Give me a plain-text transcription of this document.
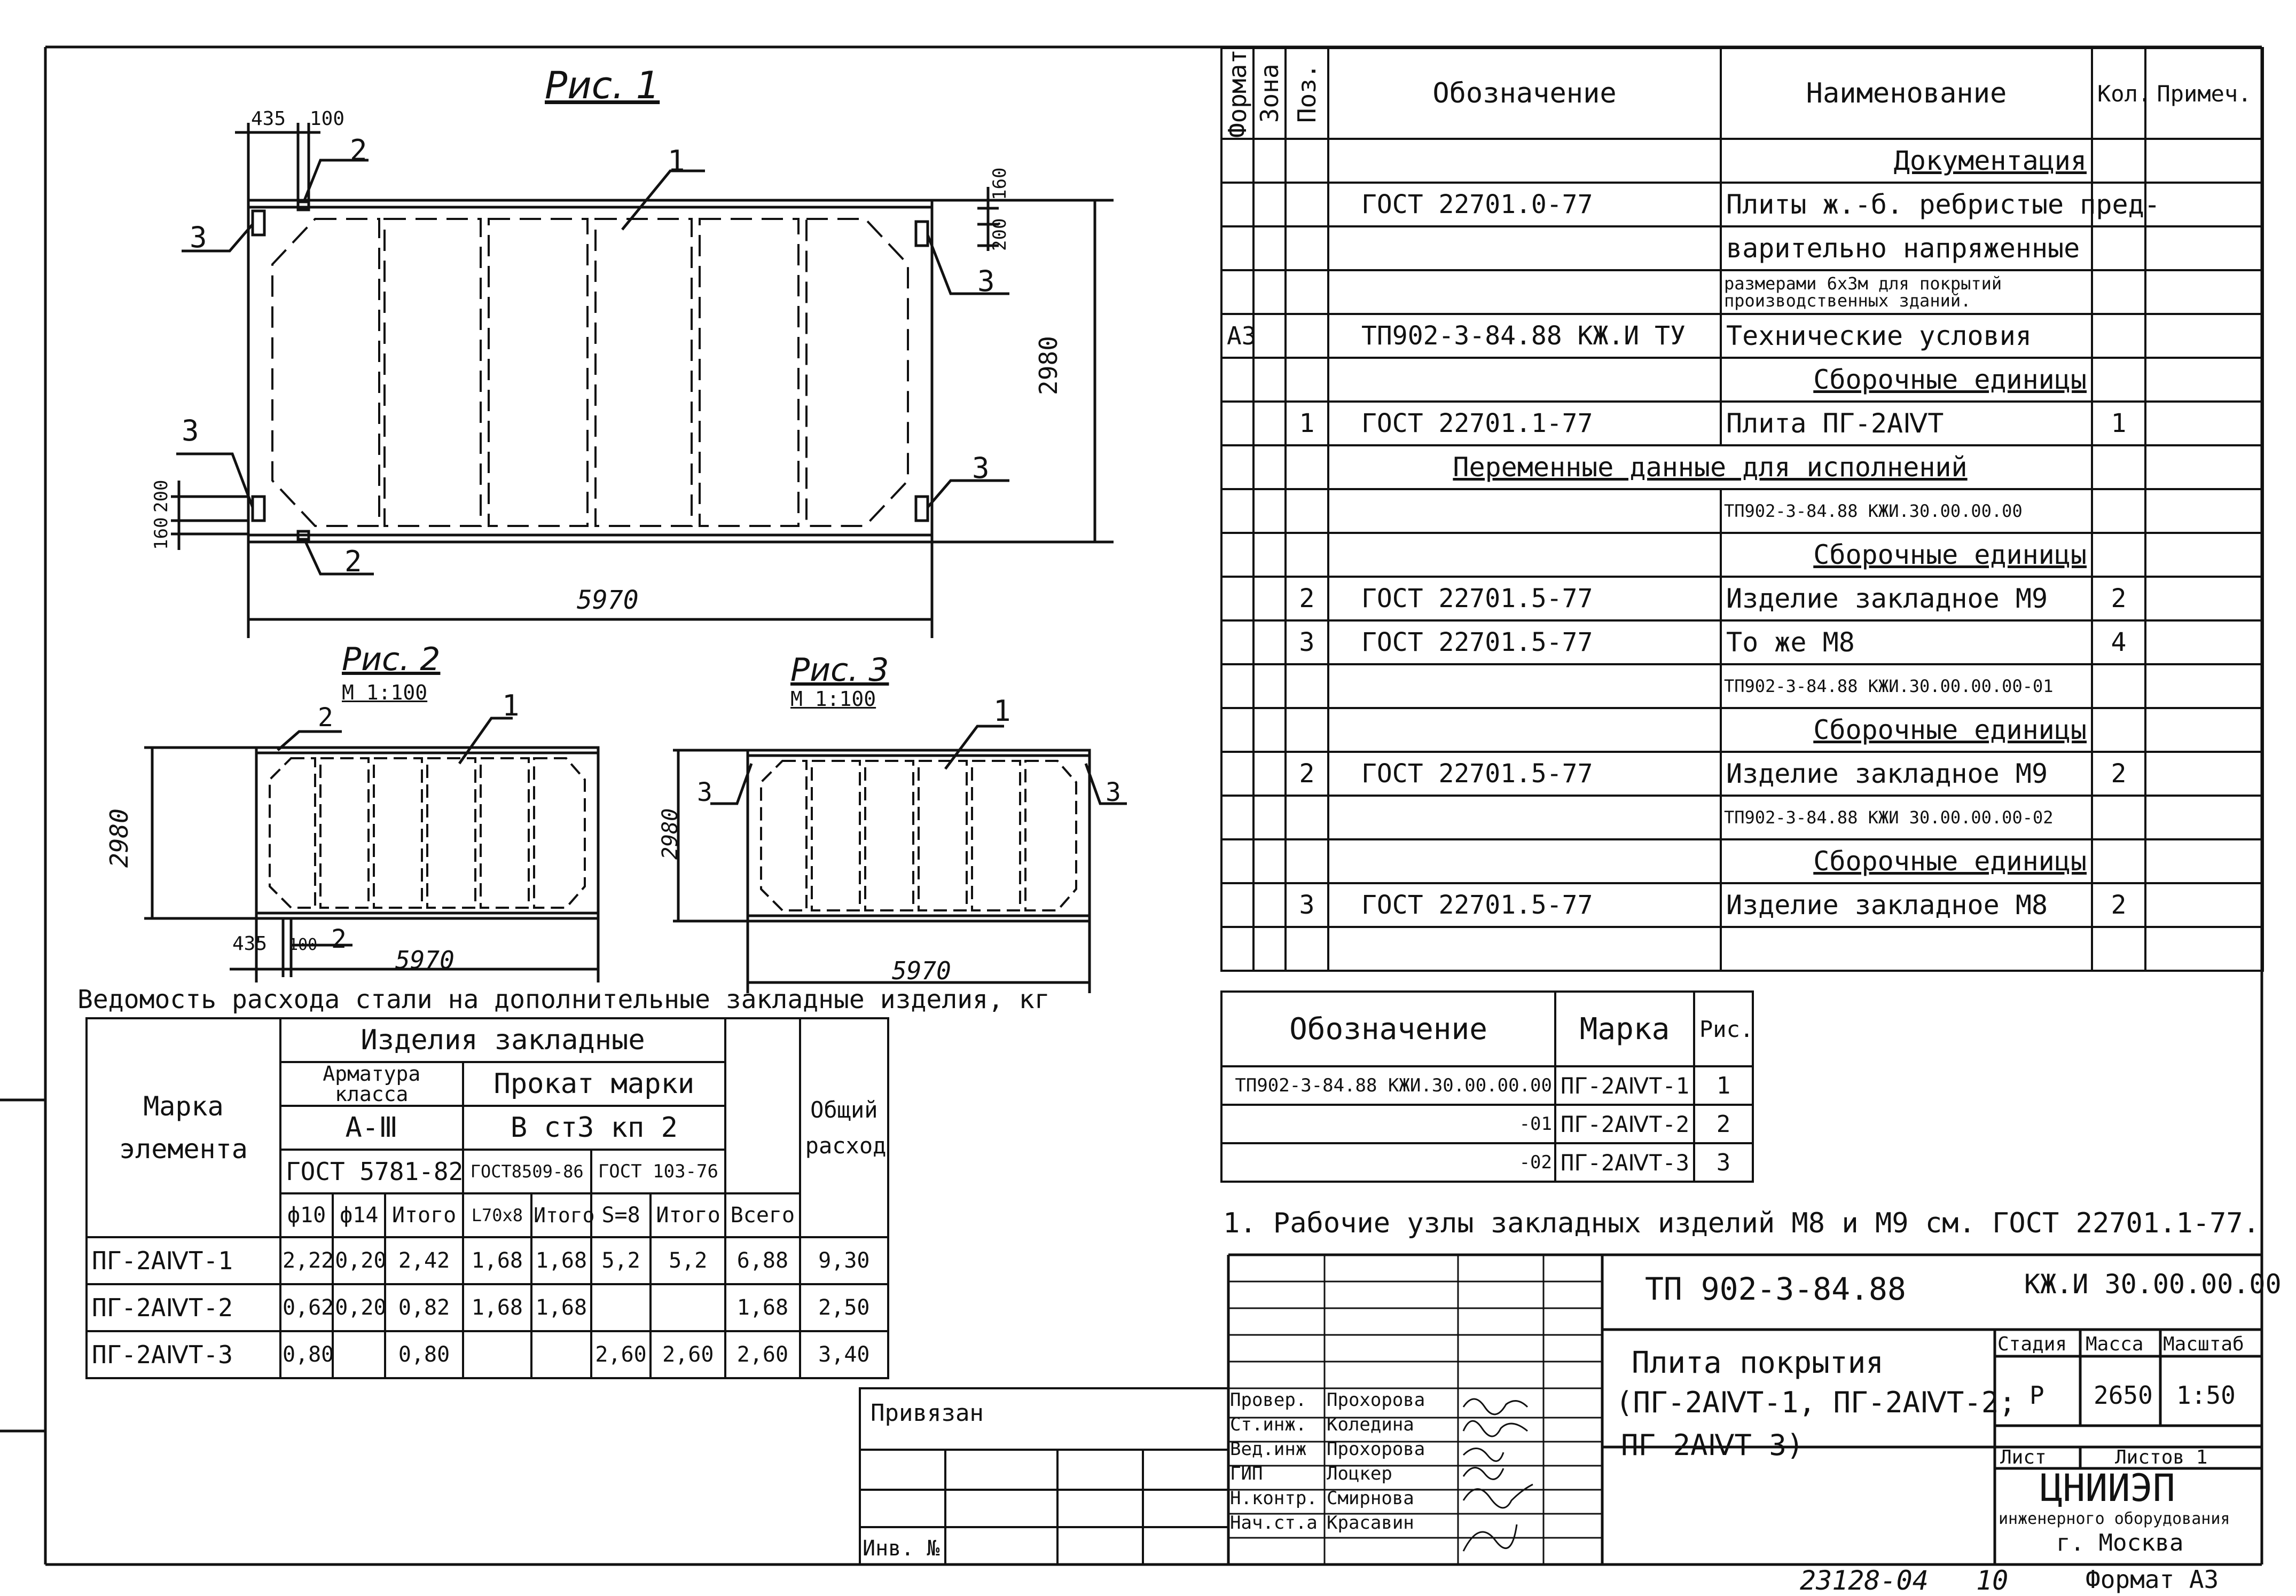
Рис. 1
435 100
160
200
2980
5970
200
160
1
2
2
3
3
3
3
Рис. 2
М 1:100
2980
5970
435 100
1
2
2
Рис. 3
М 1:100
2980
5970
1
3	3
Формат	Зона	Поз.	Обозначение	Наименование	Кол.	Примеч.
				Документация		
			ГОСТ 22701.0-77	Плиты ж.-б. ребристые пред-		
				варительно напряженные		
				размерами 6х3м для покрытий производственных зданий.		
А3			ТП902-3-84.88 КЖ.И ТУ	Технические условия		
				Сборочные единицы		
		1	ГОСТ 22701.1-77	Плита ПГ-2АⅣТ	1	
			Переменные данные для исполнений			
				ТП902-3-84.88 КЖИ.30.00.00.00		
				Сборочные единицы		
		2	ГОСТ 22701.5-77	Изделие закладное М9	2	
		3	ГОСТ 22701.5-77	То же М8	4	
				ТП902-3-84.88 КЖИ.30.00.00.00-01		
				Сборочные единицы		
		2	ГОСТ 22701.5-77	Изделие закладное М9	2	
				ТП902-3-84.88 КЖИ 30.00.00.00-02		
				Сборочные единицы		
		3	ГОСТ 22701.5-77	Изделие закладное М8	2	

Обозначение	Марка	Рис.
ТП902-3-84.88 КЖИ.30.00.00.00	ПГ-2АⅣТ-1	1
-01	ПГ-2АⅣТ-2	2
-02	ПГ-2АⅣТ-3	3
1. Рабочие узлы закладных изделий М8 и М9 см. ГОСТ 22701.1-77.
Ведомость расхода стали на дополнительные закладные изделия, кг
Марка
элемента	Изделия закладные								Общий
расход
	Арматура класса			Прокат марки					
	А-Ⅲ			В ст3 кп 2					
	ГОСТ 5781-82			ГОСТ8509-86		ГОСТ 103-76			
	ф10	ф14	Итого	L70x8	Итого	S=8	Итого	Всего	
ПГ-2АⅣТ-1	2,22	0,20	2,42	1,68	1,68	5,2	5,2	6,88	9,30
ПГ-2АⅣТ-2	0,62	0,20	0,82	1,68	1,68			1,68	2,50
ПГ-2АⅣТ-3	0,80		0,80			2,60	2,60	2,60	3,40
Привязан
Инв. №
Провер. Прохорова
Ст.инж. Коледина
Вед.инж Прохорова
ГИП	Лоцкер
Н.контр. Смирнова
Нач.ст.а Красавин
ТП 902-3-84.88	КЖ.И 30.00.00.00
Плита покрытия
(ПГ-2АⅣТ-1, ПГ-2АⅣТ-2;
ПГ-2АⅣТ-3)
Стадия Масса Масштаб
Р 2650 1:50
Лист	Листов 1
ЦНИИЭП
инженерного оборудования
г. Москва
23128-04 10	Формат А3
